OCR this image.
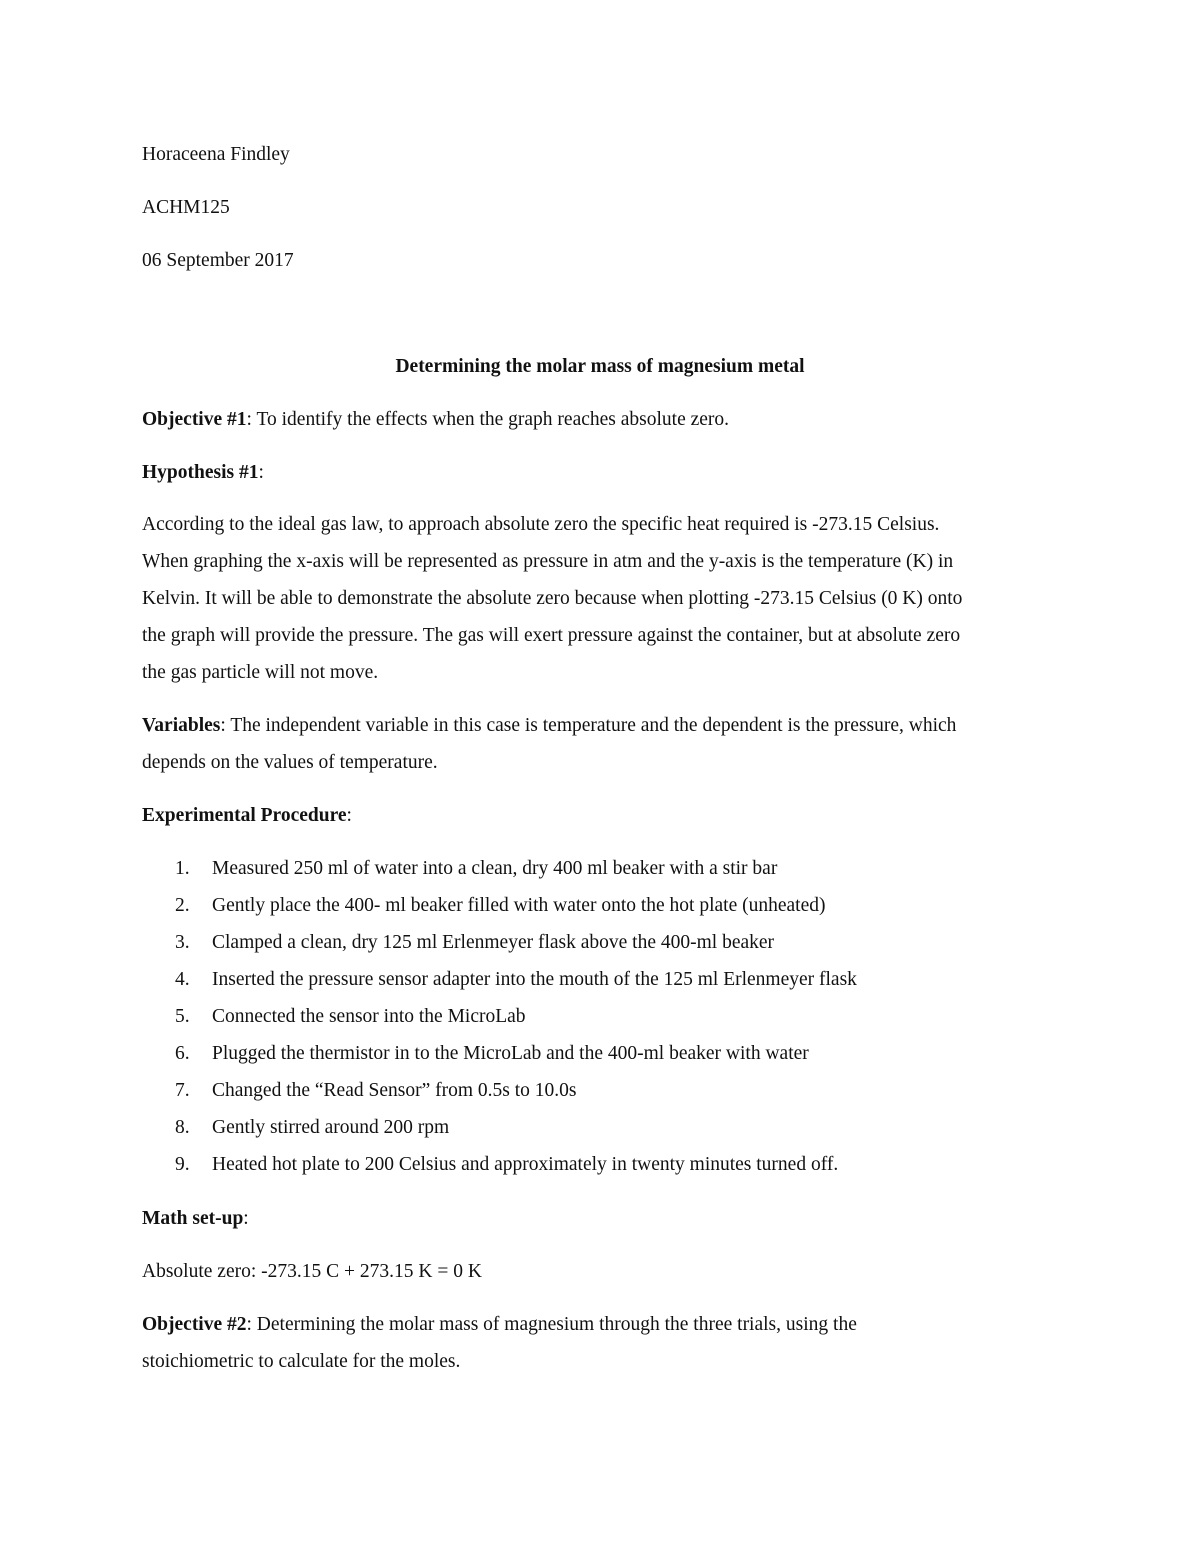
Horaceena Findley
ACHM125
06 September 2017
Determining the molar mass of magnesium metal
Objective #1: To identify the effects when the graph reaches absolute zero.
Hypothesis #1:
According to the ideal gas law, to approach absolute zero the specific heat required is -273.15 Celsius.
When graphing the x-axis will be represented as pressure in atm and the y-axis is the temperature (K) in
Kelvin. It will be able to demonstrate the absolute zero because when plotting -273.15 Celsius (0 K) onto
the graph will provide the pressure. The gas will exert pressure against the container, but at absolute zero
the gas particle will not move.
Variables: The independent variable in this case is temperature and the dependent is the pressure, which
depends on the values of temperature.
Experimental Procedure:
1. Measured 250 ml of water into a clean, dry 400 ml beaker with a stir bar
2. Gently place the 400- ml beaker filled with water onto the hot plate (unheated)
3. Clamped a clean, dry 125 ml Erlenmeyer flask above the 400-ml beaker
4. Inserted the pressure sensor adapter into the mouth of the 125 ml Erlenmeyer flask
5. Connected the sensor into the MicroLab
6. Plugged the thermistor in to the MicroLab and the 400-ml beaker with water
7. Changed the “Read Sensor” from 0.5s to 10.0s
8. Gently stirred around 200 rpm
9. Heated hot plate to 200 Celsius and approximately in twenty minutes turned off.
Math set-up:
Absolute zero: -273.15 C + 273.15 K = 0 K
Objective #2: Determining the molar mass of magnesium through the three trials, using the
stoichiometric to calculate for the moles.
